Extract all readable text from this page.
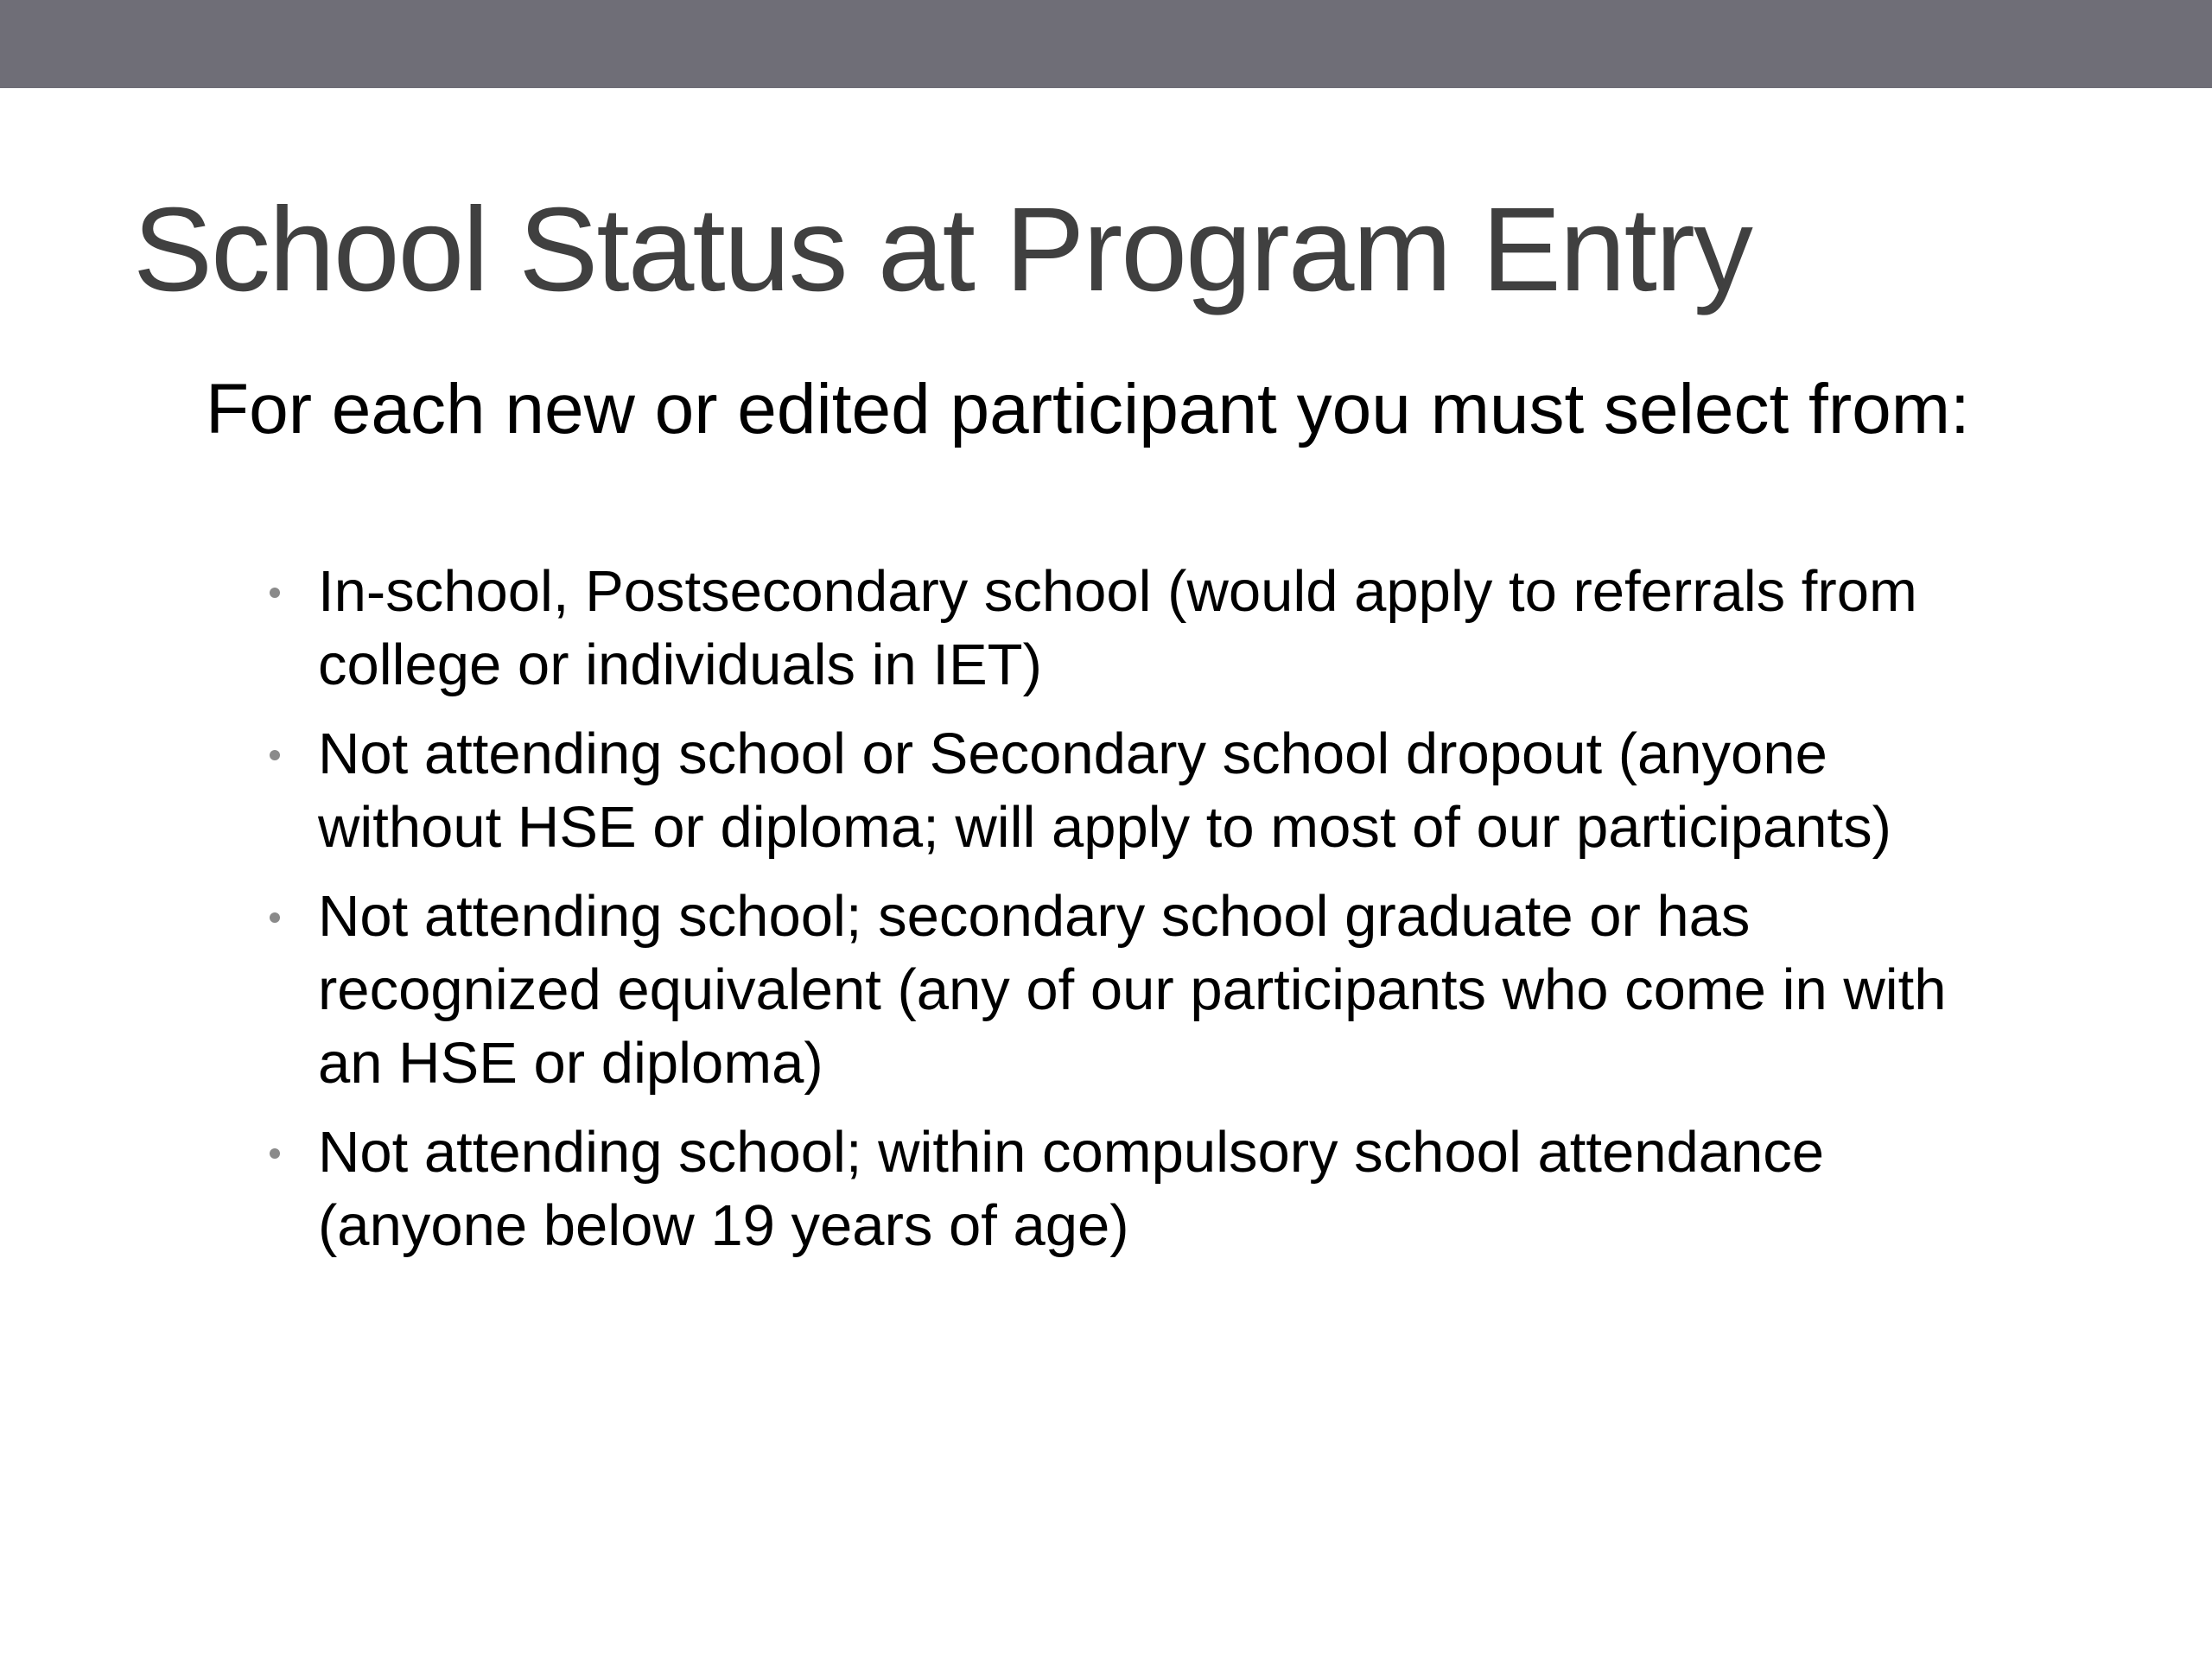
School Status at Program Entry

For each new or edited participant you must select from:

In-school, Postsecondary school (would apply to referrals from college or individuals in IET)
Not attending school or Secondary school dropout (anyone without HSE or diploma; will apply to most of our participants)
Not attending school; secondary school graduate or has recognized equivalent (any of our participants who come in with an HSE or diploma)
Not attending school; within compulsory school attendance (anyone below 19 years of age)
